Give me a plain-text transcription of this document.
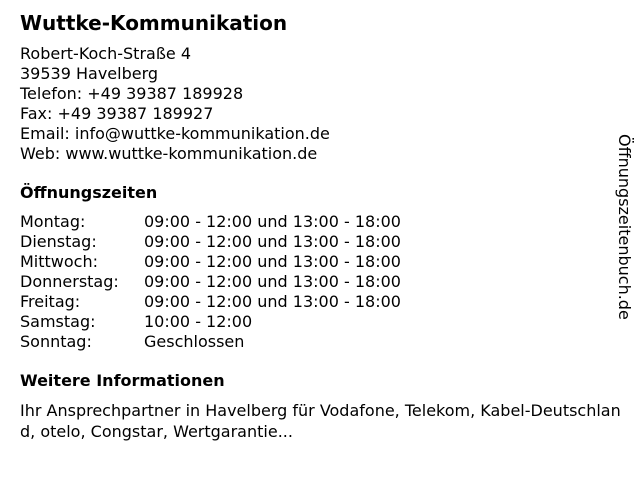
Wuttke-Kommunikation
Robert-Koch-Straße 4
39539 Havelberg
Telefon: +49 39387 189928
Fax: +49 39387 189927
Email: info@wuttke-kommunikation.de
Web: www.wuttke-kommunikation.de
Öffnungszeiten
Montag:	09:00 - 12:00 und 13:00 - 18:00
Dienstag:	09:00 - 12:00 und 13:00 - 18:00
Mittwoch:	09:00 - 12:00 und 13:00 - 18:00
Donnerstag:	09:00 - 12:00 und 13:00 - 18:00
Freitag:	09:00 - 12:00 und 13:00 - 18:00
Samstag:	10:00 - 12:00
Sonntag:	Geschlossen
Weitere Informationen
Ihr Ansprechpartner in Havelberg für Vodafone, Telekom, Kabel-Deutschland, otelo, Congstar, Wertgarantie...
Öffnungszeitenbuch.de
